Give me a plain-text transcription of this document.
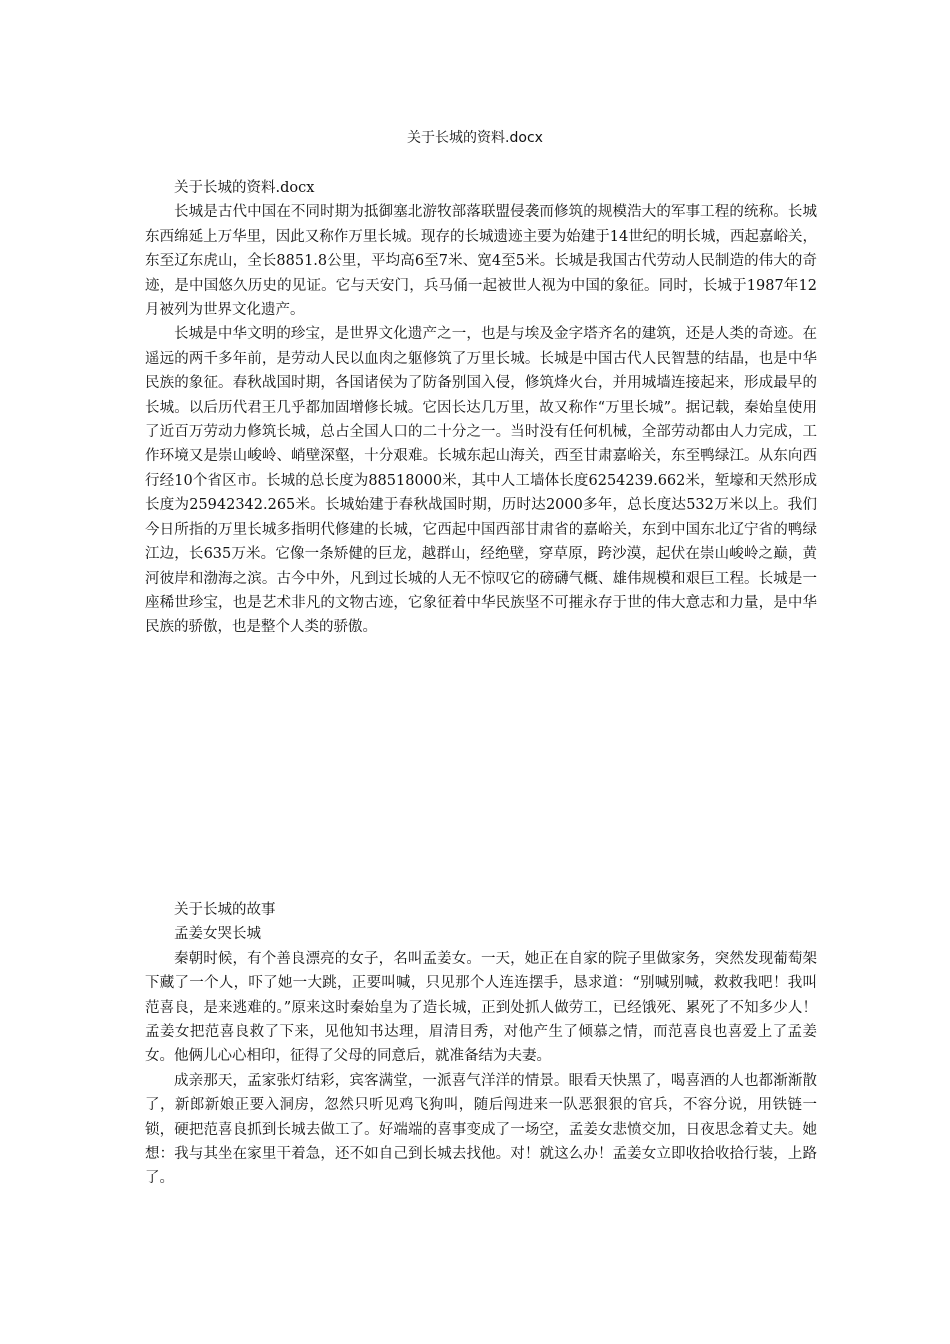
关于长城的资料.docx

关于长城的资料.docx

长城是古代中国在不同时期为抵御塞北游牧部落联盟侵袭而修筑的规模浩大的军事工程的统称。长城东西绵延上万华里，因此又称作万里长城。现存的长城遗迹主要为始建于14世纪的明长城，西起嘉峪关，东至辽东虎山，全长8851.8公里，平均高6至7米、宽4至5米。长城是我国古代劳动人民制造的伟大的奇迹，是中国悠久历史的见证。它与天安门，兵马俑一起被世人视为中国的象征。同时，长城于1987年12月被列为世界文化遗产。

长城是中华文明的珍宝，是世界文化遗产之一，也是与埃及金字塔齐名的建筑，还是人类的奇迹。在遥远的两千多年前，是劳动人民以血肉之躯修筑了万里长城。长城是中国古代人民智慧的结晶，也是中华民族的象征。春秋战国时期，各国诸侯为了防备别国入侵，修筑烽火台，并用城墙连接起来，形成最早的长城。以后历代君王几乎都加固增修长城。它因长达几万里，故又称作“万里长城”。据记载，秦始皇使用了近百万劳动力修筑长城，总占全国人口的二十分之一。当时没有任何机械，全部劳动都由人力完成，工作环境又是崇山峻岭、峭壁深壑，十分艰难。长城东起山海关，西至甘肃嘉峪关，东至鸭绿江。从东向西行经10个省区市。长城的总长度为88518000米，其中人工墙体长度6254239.662米，堑壕和天然形成长度为25942342.265米。长城始建于春秋战国时期，历时达2000多年，总长度达532万米以上。我们今日所指的万里长城多指明代修建的长城，它西起中国西部甘肃省的嘉峪关，东到中国东北辽宁省的鸭绿江边，长635万米。它像一条矫健的巨龙，越群山，经绝壁，穿草原，跨沙漠，起伏在崇山峻岭之巅，黄河彼岸和渤海之滨。古今中外，凡到过长城的人无不惊叹它的磅礴气概、雄伟规模和艰巨工程。长城是一座稀世珍宝，也是艺术非凡的文物古迹，它象征着中华民族坚不可摧永存于世的伟大意志和力量，是中华民族的骄傲，也是整个人类的骄傲。

关于长城的故事

孟姜女哭长城

秦朝时候，有个善良漂亮的女子，名叫孟姜女。一天，她正在自家的院子里做家务，突然发现葡萄架下藏了一个人，吓了她一大跳，正要叫喊，只见那个人连连摆手，恳求道：“别喊别喊，救救我吧！我叫范喜良，是来逃难的。”原来这时秦始皇为了造长城，正到处抓人做劳工，已经饿死、累死了不知多少人！孟姜女把范喜良救了下来，见他知书达理，眉清目秀，对他产生了倾慕之情，而范喜良也喜爱上了孟姜女。他俩儿心心相印，征得了父母的同意后，就准备结为夫妻。

成亲那天，孟家张灯结彩，宾客满堂，一派喜气洋洋的情景。眼看天快黑了，喝喜酒的人也都渐渐散了，新郎新娘正要入洞房，忽然只听见鸡飞狗叫，随后闯进来一队恶狠狠的官兵，不容分说，用铁链一锁，硬把范喜良抓到长城去做工了。好端端的喜事变成了一场空，孟姜女悲愤交加，日夜思念着丈夫。她想：我与其坐在家里干着急，还不如自己到长城去找他。对！就这么办！孟姜女立即收拾收拾行装，上路了。
